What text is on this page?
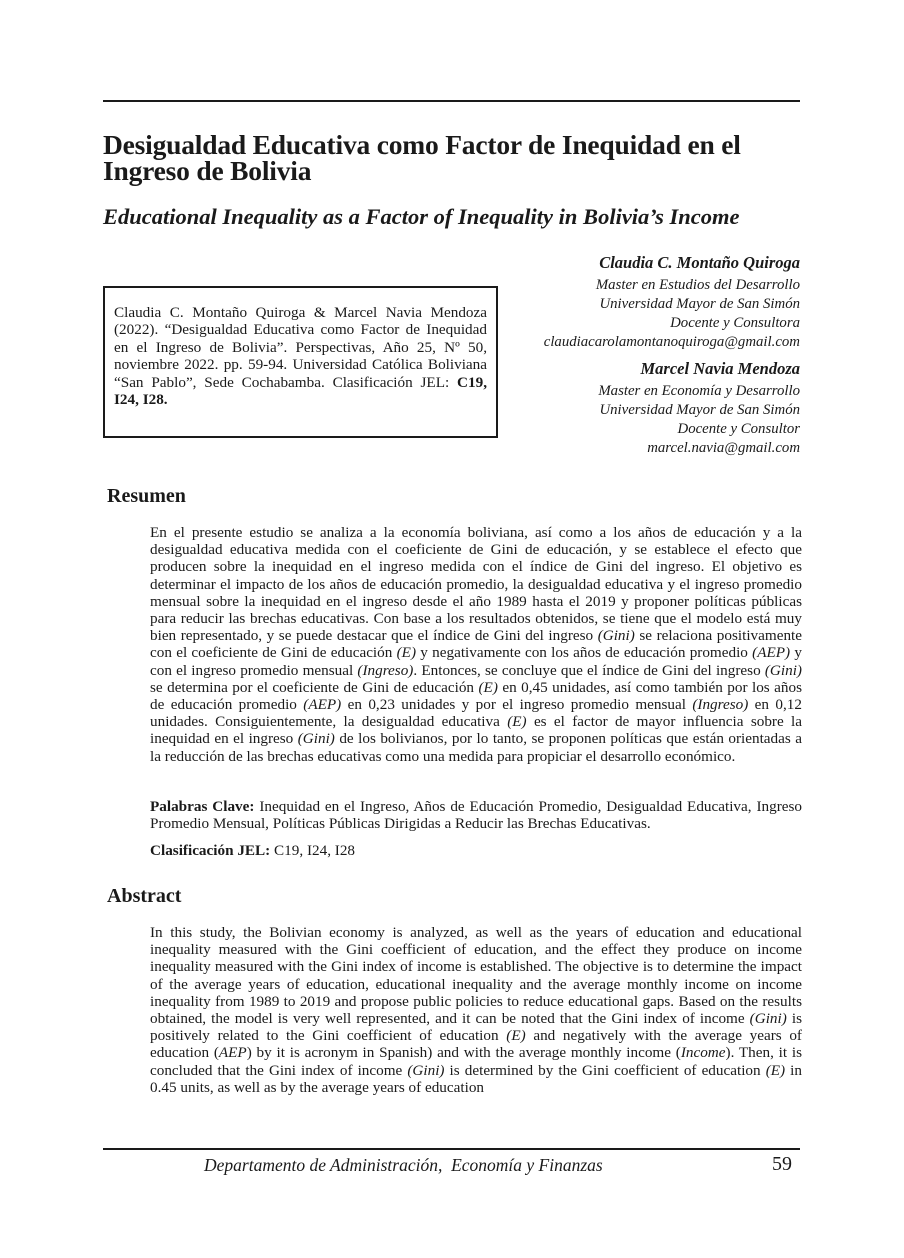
Desigualdad Educativa como Factor de Inequidad en el Ingreso de Bolivia
Educational Inequality as a Factor of Inequality in Bolivia’s Income
Claudia C. Montaño Quiroga & Marcel Navia Mendoza (2022). “Desigualdad Educativa como Factor de Inequidad en el Ingreso de Bolivia”. Perspectivas, Año 25, Nº 50, noviembre 2022. pp. 59-94. Universidad Católica Boliviana “San Pablo”, Sede Cochabamba. Clasificación JEL: C19, I24, I28.
Claudia C. Montaño Quiroga
Master en Estudios del Desarrollo
Universidad Mayor de San Simón
Docente y Consultora
claudiacarolamontanoquiroga@gmail.com
Marcel Navia Mendoza
Master en Economía y Desarrollo
Universidad Mayor de San Simón
Docente y Consultor
marcel.navia@gmail.com
Resumen

En el presente estudio se analiza a la economía boliviana, así como a los años de educación y a la desigualdad educativa medida con el coeficiente de Gini de educación, y se establece el efecto que producen sobre la inequidad en el ingreso medida con el índice de Gini del ingreso. El objetivo es determinar el impacto de los años de educación promedio, la desigualdad educativa y el ingreso promedio mensual sobre la inequidad en el ingreso desde el año 1989 hasta el 2019 y proponer políticas públicas para reducir las brechas educativas. Con base a los resultados obtenidos, se tiene que el modelo está muy bien representado, y se puede destacar que el índice de Gini del ingreso (Gini) se relaciona positivamente con el coeficiente de Gini de educación (E) y negativamente con los años de educación promedio (AEP) y con el ingreso promedio mensual (Ingreso). Entonces, se concluye que el índice de Gini del ingreso (Gini) se determina por el coeficiente de Gini de educación (E) en 0,45 unidades, así como también por los años de educación promedio (AEP) en 0,23 unidades y por el ingreso promedio mensual (Ingreso) en 0,12 unidades. Consiguientemente, la desigualdad educativa (E) es el factor de mayor influencia sobre la inequidad en el ingreso (Gini) de los bolivianos, por lo tanto, se proponen políticas que están orientadas a la reducción de las brechas educativas como una medida para propiciar el desarrollo económico.

Palabras Clave: Inequidad en el Ingreso, Años de Educación Promedio, Desigualdad Educativa, Ingreso Promedio Mensual, Políticas Públicas Dirigidas a Reducir las Brechas Educativas.

Clasificación JEL: C19, I24, I28

Abstract

In this study, the Bolivian economy is analyzed, as well as the years of education and educational inequality measured with the Gini coefficient of education, and the effect they produce on income inequality measured with the Gini index of income is established. The objective is to determine the impact of the average years of education, educational inequality and the average monthly income on income inequality from 1989 to 2019 and propose public policies to reduce educational gaps. Based on the results obtained, the model is very well represented, and it can be noted that the Gini index of income (Gini) is positively related to the Gini coefficient of education (E) and negatively with the average years of education (AEP) by it is acronym in Spanish) and with the average monthly income (Income). Then, it is concluded that the Gini index of income (Gini) is determined by the Gini coefficient of education (E) in 0.45 units, as well as by the average years of education

Departamento de Administración,  Economía y Finanzas	59
